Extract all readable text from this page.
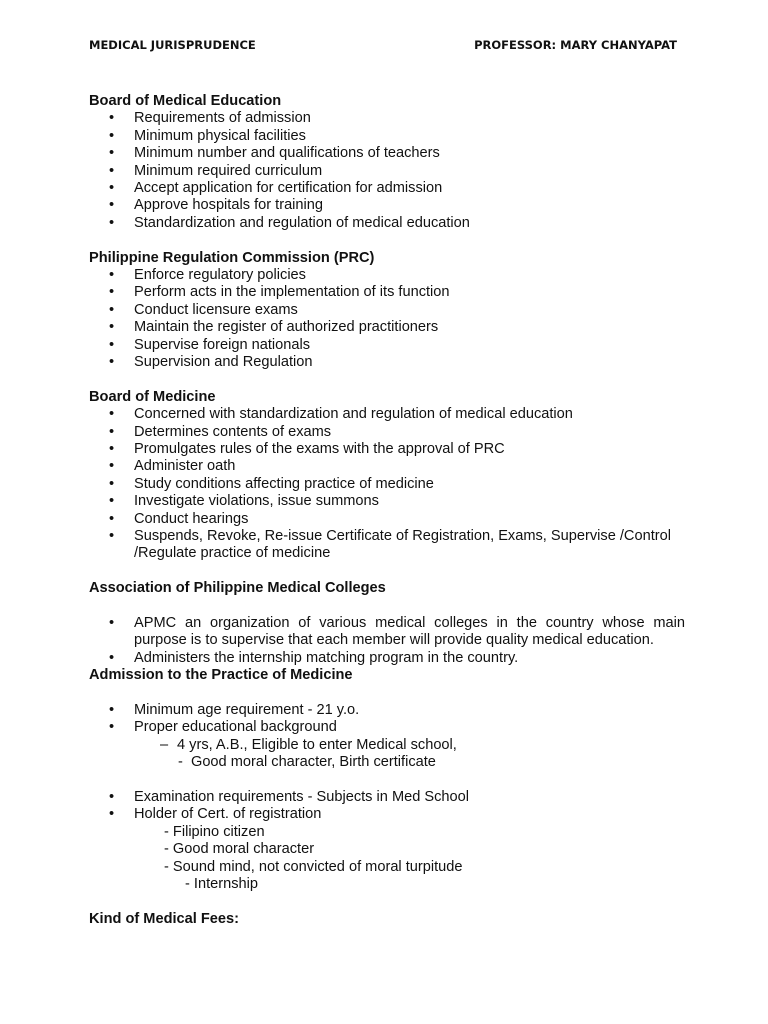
MEDICAL JURISPRUDENCE	PROFESSOR: MARY CHANYAPAT
Board of Medical Education
•	Requirements of admission
•	Minimum physical facilities
•	Minimum number and qualifications of teachers
•	Minimum required curriculum
•	Accept application for certification for admission
•	Approve hospitals for training
•	Standardization and regulation of medical education
Philippine Regulation Commission (PRC)
•	Enforce regulatory policies
•	Perform acts in the implementation of its function
•	Conduct licensure exams
•	Maintain the register of authorized practitioners
•	Supervise foreign nationals
•	Supervision and Regulation
Board of Medicine
•	Concerned with standardization and regulation of medical education
•	Determines contents of exams
•	Promulgates rules of the exams with the approval of PRC
•	Administer oath
•	Study conditions affecting practice of medicine
•	Investigate violations, issue summons
•	Conduct hearings
•	Suspends, Revoke, Re-issue Certificate of Registration, Exams, Supervise /Control /Regulate practice of medicine
Association of Philippine Medical Colleges
•	APMC an organization of various medical colleges in the country whose main purpose is to supervise that each member will provide quality medical education.
•	Administers the internship matching program in the country.
Admission to the Practice of Medicine
•	Minimum age requirement - 21 y.o.
•	Proper educational background
– 4 yrs, A.B., Eligible to enter Medical school,
-  Good moral character, Birth certificate
•	Examination requirements - Subjects in Med School
•	Holder of Cert. of registration
- Filipino citizen
- Good moral character
- Sound mind, not convicted of moral turpitude
- Internship
Kind of Medical Fees:
